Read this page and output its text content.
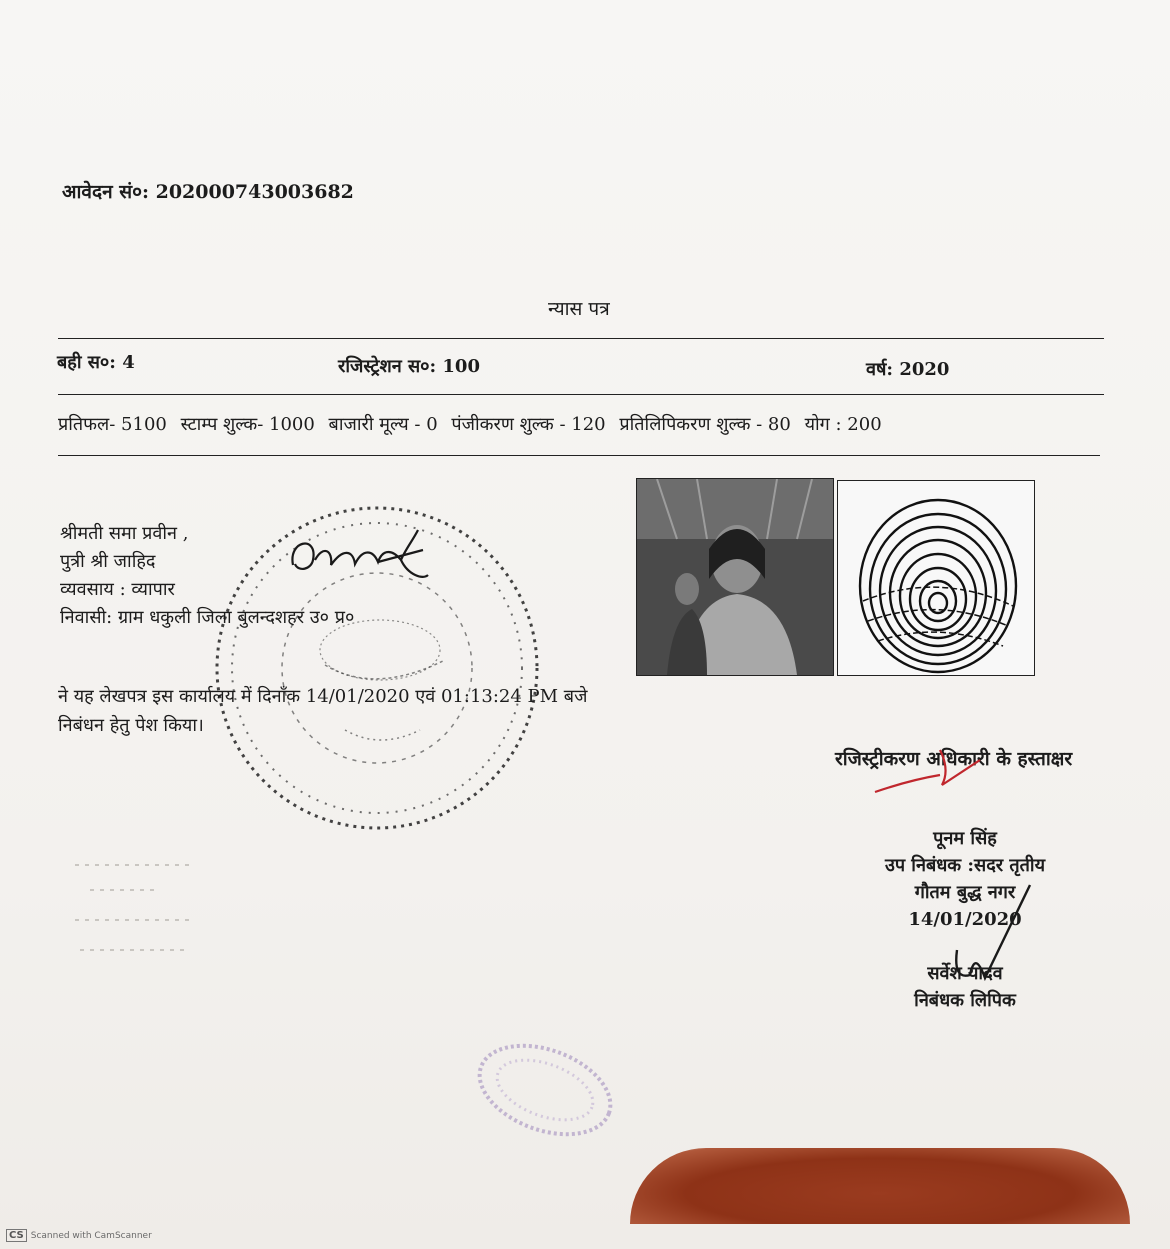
आवेदन सं०: 202000743003682
न्यास पत्र
बही स०: 4	रजिस्ट्रेशन स०: 100	वर्ष: 2020
प्रतिफल- 5100 स्टाम्प शुल्क- 1000 बाजारी मूल्य - 0 पंजीकरण शुल्क - 120 प्रतिलिपिकरण शुल्क - 80 योग : 200
श्रीमती समा प्रवीन ,
पुत्री श्री जाहिद
व्यवसाय : व्यापार
निवासी: ग्राम धकुली जिला बुलन्दशहर उ० प्र०
ने यह लेखपत्र इस कार्यालय में दिनाँक 14/01/2020 एवं 01:13:24 PM बजे
निबंधन हेतु पेश किया।
रजिस्ट्रीकरण अधिकारी के हस्ताक्षर
पूनम सिंह
उप निबंधक :सदर तृतीय
गौतम बुद्ध नगर
14/01/2020
सर्वेश यादव
निबंधक लिपिक
CS Scanned with CamScanner
